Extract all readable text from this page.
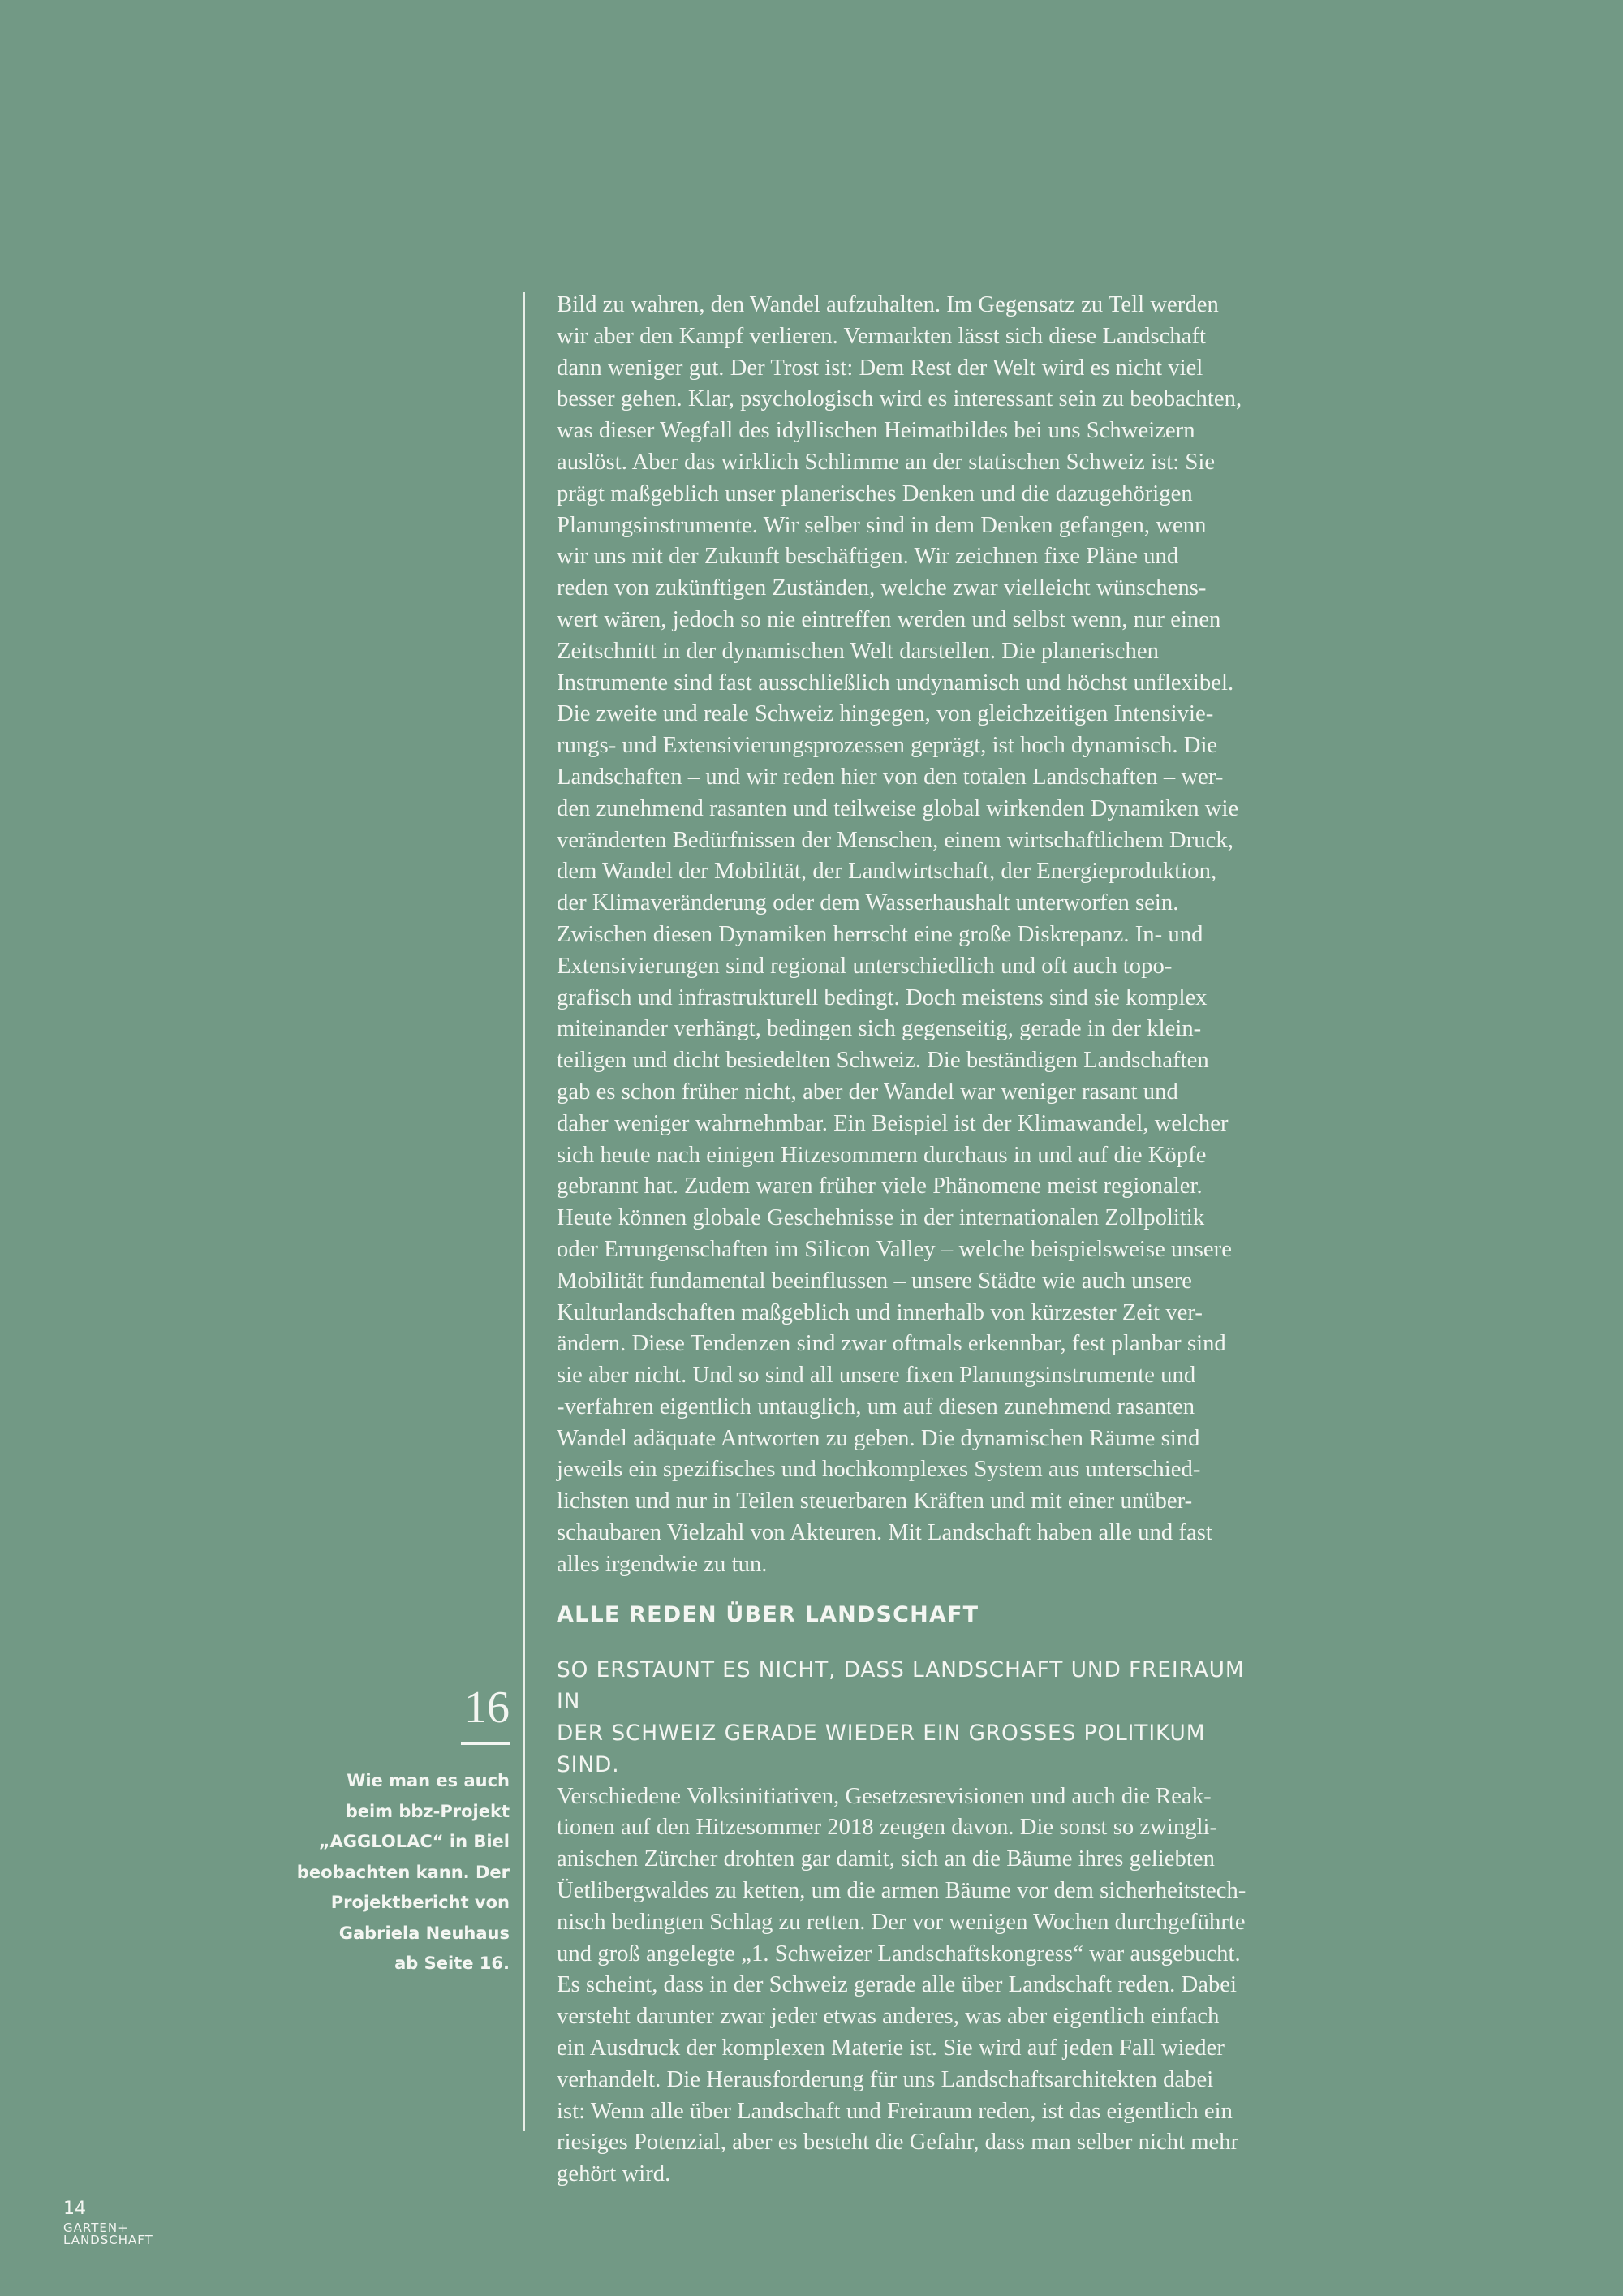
Bild zu wahren, den Wandel aufzuhalten. Im Gegensatz zu Tell werden
wir aber den Kampf verlieren. Vermarkten lässt sich diese Landschaft
dann weniger gut. Der Trost ist: Dem Rest der Welt wird es nicht viel
besser gehen. Klar, psychologisch wird es interessant sein zu beobachten,
was dieser Wegfall des idyllischen Heimatbildes bei uns Schweizern
auslöst. Aber das wirklich Schlimme an der statischen Schweiz ist: Sie
prägt maßgeblich unser planerisches Denken und die dazugehörigen
Planungsinstrumente. Wir selber sind in dem Denken gefangen, wenn
wir uns mit der Zukunft beschäftigen. Wir zeichnen fixe Pläne und
reden von zukünftigen Zuständen, welche zwar vielleicht wünschens-
wert wären, jedoch so nie eintreffen werden und selbst wenn, nur einen
Zeitschnitt in der dynamischen Welt darstellen. Die planerischen
Instrumente sind fast ausschließlich undynamisch und höchst unflexibel.
Die zweite und reale Schweiz hingegen, von gleichzeitigen Intensivie-
rungs- und Extensivierungsprozessen geprägt, ist hoch dynamisch. Die
Landschaften – und wir reden hier von den totalen Landschaften – wer-
den zunehmend rasanten und teilweise global wirkenden Dynamiken wie
veränderten Bedürfnissen der Menschen, einem wirtschaftlichem Druck,
dem Wandel der Mobilität, der Landwirtschaft, der Energieproduktion,
der Klimaveränderung oder dem Wasserhaushalt unterworfen sein.
Zwischen diesen Dynamiken herrscht eine große Diskrepanz. In- und
Extensivierungen sind regional unterschiedlich und oft auch topo-
grafisch und infrastrukturell bedingt. Doch meistens sind sie komplex
miteinander verhängt, bedingen sich gegenseitig, gerade in der klein-
teiligen und dicht besiedelten Schweiz. Die beständigen Landschaften
gab es schon früher nicht, aber der Wandel war weniger rasant und
daher weniger wahrnehmbar. Ein Beispiel ist der Klimawandel, welcher
sich heute nach einigen Hitzesommern durchaus in und auf die Köpfe
gebrannt hat. Zudem waren früher viele Phänomene meist regionaler.
Heute können globale Geschehnisse in der internationalen Zollpolitik
oder Errungenschaften im Silicon Valley – welche beispielsweise unsere
Mobilität fundamental beeinflussen – unsere Städte wie auch unsere
Kulturlandschaften maßgeblich und innerhalb von kürzester Zeit ver-
ändern. Diese Tendenzen sind zwar oftmals erkennbar, fest planbar sind
sie aber nicht. Und so sind all unsere fixen Planungsinstrumente und
-verfahren eigentlich untauglich, um auf diesen zunehmend rasanten
Wandel adäquate Antworten zu geben. Die dynamischen Räume sind
jeweils ein spezifisches und hochkomplexes System aus unterschied-
lichsten und nur in Teilen steuerbaren Kräften und mit einer unüber-
schaubaren Vielzahl von Akteuren. Mit Landschaft haben alle und fast
alles irgendwie zu tun.

ALLE REDEN ÜBER LANDSCHAFT

SO ERSTAUNT ES NICHT, DASS LANDSCHAFT UND FREIRAUM IN
DER SCHWEIZ GERADE WIEDER EIN GROSSES POLITIKUM SIND.

Verschiedene Volksinitiativen, Gesetzesrevisionen und auch die Reak-
tionen auf den Hitzesommer 2018 zeugen davon. Die sonst so zwingli-
anischen Zürcher drohten gar damit, sich an die Bäume ihres geliebten
Üetlibergwaldes zu ketten, um die armen Bäume vor dem sicherheitstech-
nisch bedingten Schlag zu retten. Der vor wenigen Wochen durchgeführte
und groß angelegte „1. Schweizer Landschaftskongress“ war ausgebucht.
Es scheint, dass in der Schweiz gerade alle über Landschaft reden. Dabei
versteht darunter zwar jeder etwas anderes, was aber eigentlich einfach
ein Ausdruck der komplexen Materie ist. Sie wird auf jeden Fall wieder
verhandelt. Die Herausforderung für uns Landschaftsarchitekten dabei
ist: Wenn alle über Landschaft und Freiraum reden, ist das eigentlich ein
riesiges Potenzial, aber es besteht die Gefahr, dass man selber nicht mehr
gehört wird.

16

Wie man es auch
beim bbz-Projekt
„AGGLOLAC“ in Biel
beobachten kann. Der
Projektbericht von
Gabriela Neuhaus
ab Seite 16.

14

GARTEN+
LANDSCHAFT
